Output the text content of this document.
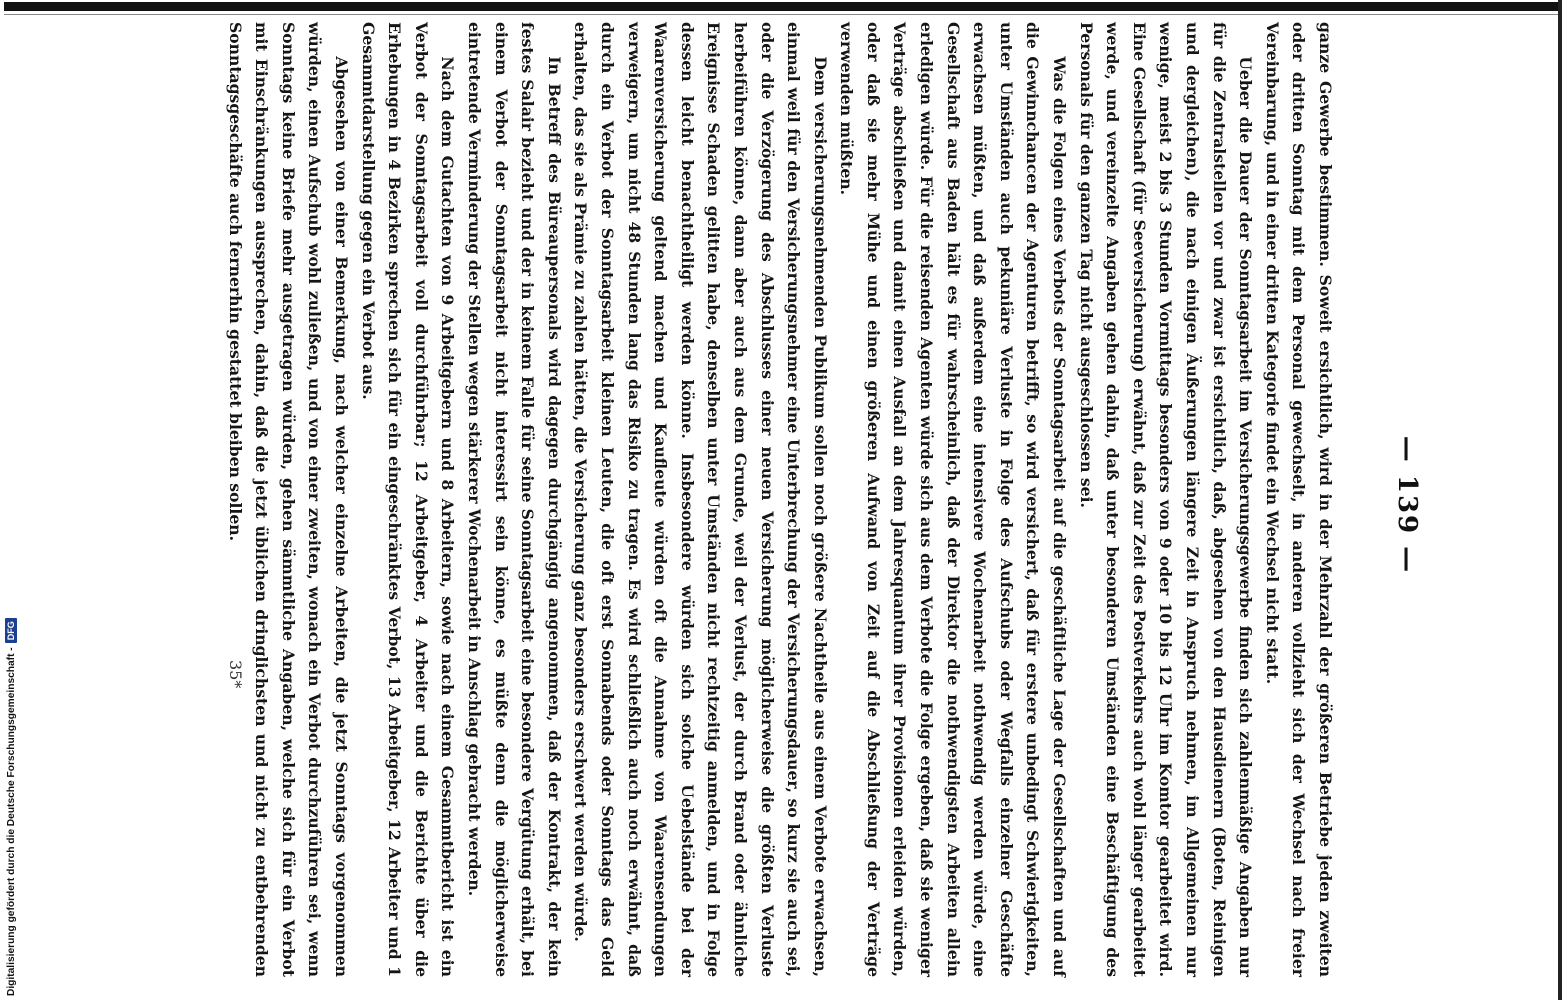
— 139 —

ganze Gewerbe bestimmen. Soweit ersichtlich, wird in der Mehrzahl der größeren Betriebe jeden zweiten oder dritten Sonntag mit dem Personal gewechselt, in anderen vollzieht sich der Wechsel nach freier Vereinbarung, und in einer dritten Kategorie findet ein Wechsel nicht statt.

Ueber die Dauer der Sonntagsarbeit im Versicherungsgewerbe finden sich zahlenmäßige Angaben nur für die Zentralstellen vor und zwar ist ersichtlich, daß, abgesehen von den Hausdienern (Boten, Reinigen und dergleichen), die nach einigen Äußerungen längere Zeit in Anspruch nehmen, im Allgemeinen nur wenige, meist 2 bis 3 Stunden Vormittags besonders von 9 oder 10 bis 12 Uhr im Komtor gearbeitet wird. Eine Gesellschaft (für Seeversicherung) erwähnt, daß zur Zeit des Postverkehrs auch wohl länger gearbeitet werde, und vereinzelte Angaben gehen dahin, daß unter besonderen Umständen eine Beschäftigung des Personals für den ganzen Tag nicht ausgeschlossen sei.

Was die Folgen eines Verbots der Sonntagsarbeit auf die geschäftliche Lage der Gesellschaften und auf die Gewinnchancen der Agenturen betrifft, so wird versichert, daß für erstere unbedingt Schwierigkeiten, unter Umständen auch pekuniäre Verluste in Folge des Aufschubs oder Wegfalls einzelner Geschäfte erwachsen müßten, und daß außerdem eine intensivere Wochenarbeit nothwendig werden würde, eine Gesellschaft aus Baden hält es für wahrscheinlich, daß der Direktor die nothwendigsten Arbeiten allein erledigen würde. Für die reisenden Agenten würde sich aus dem Verbote die Folge ergeben, daß sie weniger Verträge abschließen und damit einen Ausfall an dem Jahresquantum ihrer Provisionen erleiden würden, oder daß sie mehr Mühe und einen größeren Aufwand von Zeit auf die Abschließung der Verträge verwenden müßten.

Dem versicherungsnehmenden Publikum sollen noch größere Nachtheile aus einem Verbote erwachsen, einmal weil für den Versicherungsnehmer eine Unterbrechung der Versicherungsdauer, so kurz sie auch sei, oder die Verzögerung des Abschlusses einer neuen Versicherung möglicherweise die größten Verluste herbeiführen könne, dann aber auch aus dem Grunde, weil der Verlust, der durch Brand oder ähnliche Ereignisse Schaden gelitten habe, denselben unter Umständen nicht rechtzeitig anmelden, und in Folge dessen leicht benachtheiligt werden könne. Insbesondere würden sich solche Uebelstände bei der Waarenversicherung geltend machen und Kaufleute würden oft die Annahme von Waarensendungen verweigern, um nicht 48 Stunden lang das Risiko zu tragen. Es wird schließlich auch noch erwähnt, daß durch ein Verbot der Sonntagsarbeit kleinen Leuten, die oft erst Sonnabends oder Sonntags das Geld erhalten, das sie als Prämie zu zahlen hätten, die Versicherung ganz besonders erschwert werden würde.

In Betreff des Büreaupersonals wird dagegen durchgängig angenommen, daß der Kontrakt, der kein festes Salair bezieht und der in keinem Falle für seine Sonntagsarbeit eine besondere Vergütung erhält, bei einem Verbot der Sonntagsarbeit nicht interessirt sein könne, es müßte denn die möglicherweise eintretende Verminderung der Stellen wegen stärkerer Wochenarbeit in Anschlag gebracht werden.

Nach dem Gutachten von 9 Arbeitgebern und 8 Arbeitern, sowie nach einem Gesammtbericht ist ein Verbot der Sonntagsarbeit voll durchführbar; 12 Arbeitgeber, 4 Arbeiter und die Berichte über die Erhebungen in 4 Bezirken sprechen sich für ein eingeschränktes Verbot, 13 Arbeitgeber, 12 Arbeiter und 1 Gesammtdarstellung gegen ein Verbot aus.

Abgesehen von einer Bemerkung, nach welcher einzelne Arbeiten, die jetzt Sonntags vorgenommen würden, einen Aufschub wohl zuließen, und von einer zweiten, wonach ein Verbot durchzuführen sei, wenn Sonntags keine Briefe mehr ausgetragen würden, gehen sämmtliche Angaben, welche sich für ein Verbot mit Einschränkungen aussprechen, dahin, daß die jetzt üblichen dringlichsten und nicht zu entbehrenden Sonntagsgeschäfte auch fernerhin gestattet bleiben sollen.

35*
Digitalisierung gefördert durch die Deutsche Forschungsgemeinschaft -
DFG
